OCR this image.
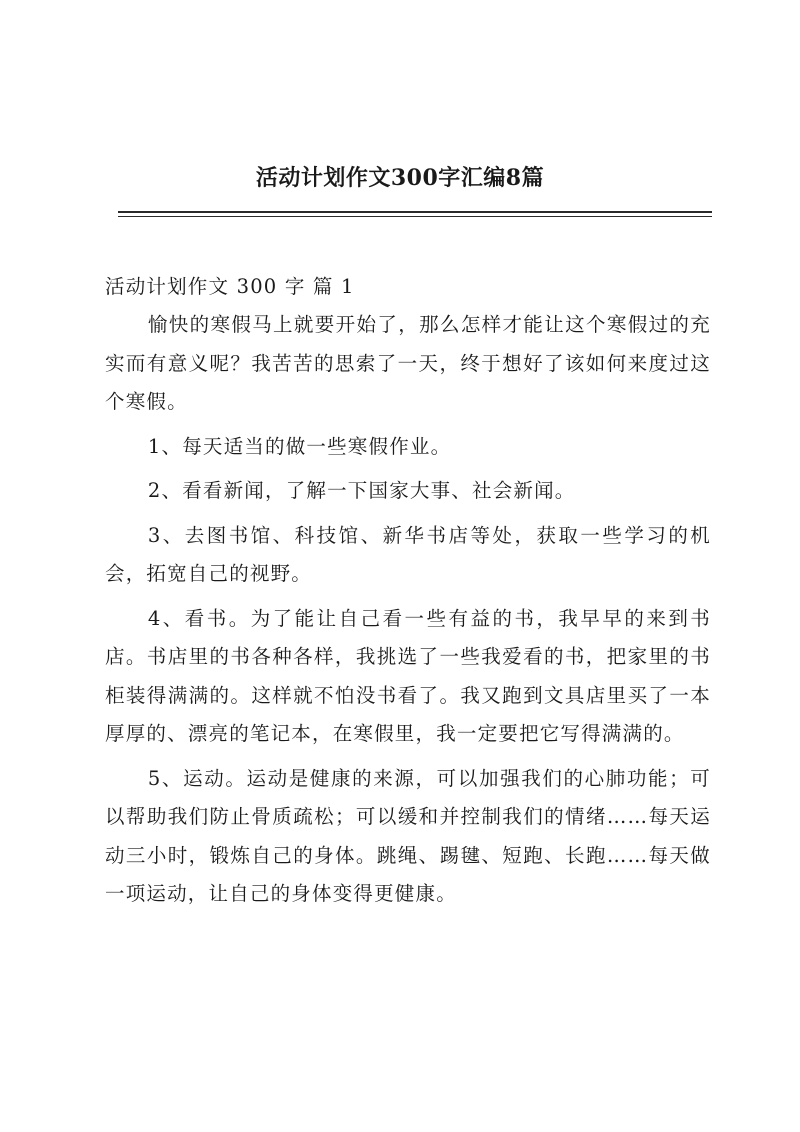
活动计划作文300字汇编8篇
活动计划作文 300 字 篇 1

愉快的寒假马上就要开始了，那么怎样才能让这个寒假过的充实而有意义呢？我苦苦的思索了一天，终于想好了该如何来度过这个寒假。

1、每天适当的做一些寒假作业。

2、看看新闻，了解一下国家大事、社会新闻。

3、去图书馆、科技馆、新华书店等处，获取一些学习的机会，拓宽自己的视野。

4、看书。为了能让自己看一些有益的书，我早早的来到书店。书店里的书各种各样，我挑选了一些我爱看的书，把家里的书柜装得满满的。这样就不怕没书看了。我又跑到文具店里买了一本厚厚的、漂亮的笔记本，在寒假里，我一定要把它写得满满的。

5、运动。运动是健康的来源，可以加强我们的心肺功能；可以帮助我们防止骨质疏松；可以缓和并控制我们的情绪……每天运动三小时，锻炼自己的身体。跳绳、踢毽、短跑、长跑……每天做一项运动，让自己的身体变得更健康。
